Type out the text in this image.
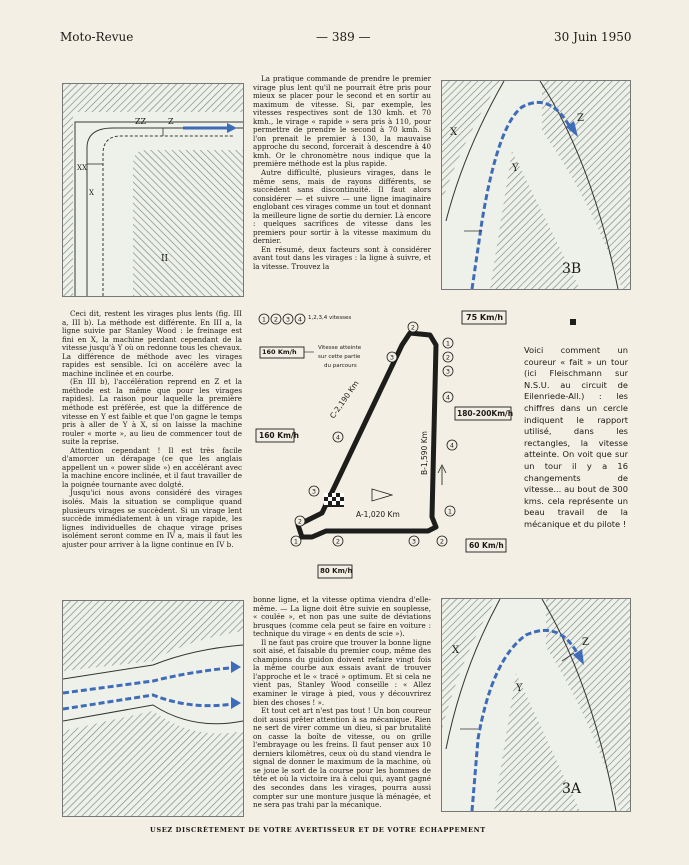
Moto-Revue	— 389 —	30 Juin 1950
ZZ	Z
XX
X
II

La pratique commande de prendre le premier virage plus lent qu'il ne pourrait être pris pour mieux se placer pour le second et en sortir au maximum de vitesse. Si, par exemple, les vitesses respectives sont de 130 kmh. et 70 kmh., le virage « rapide » sera pris à 110, pour permettre de prendre le second à 70 kmh. Si l'on prenait le premier à 130, la mauvaise approche du second, forcerait à descendre à 40 kmh. Or le chronomètre nous indique que la première méthode est la plus rapide.

Autre difficulté, plusieurs virages, dans le même sens, mais de rayons différents, se succèdent sans discontinuité. Il faut alors considérer — et suivre — une ligne imaginaire englobant ces virages comme un tout et donnant la meilleure ligne de sortie du dernier. Là encore : quelques sacrifices de vitesse dans les premiers pour sortir à la vitesse maximum du dernier.

En résumé, deux facteurs sont à considérer avant tout dans les virages : la ligne à suivre, et la vitesse. Trouvez la

X
Y
Z
3B

Ceci dit, restent les virages plus lents (fig. III a, III b). La méthode est différente. En III a, la ligne suivie par Stanley Wood : le freinage est fini en X, la machine perdant cependant de la vitesse jusqu'à Y où on redonne tous les chevaux. La différence de méthode avec les virages rapides est sensible. Ici on accélère avec la machine inclinée et en courbe.

(En III b), l'accélération reprend en Z et la méthode est la même que pour les virages rapides). La raison pour laquelle la première méthode est préférée, est que la différence de vitesse en Y est faible et que l'on gagne le temps pris à aller de Y à X, si on laisse la machine rouler « morte », au lieu de commencer tout de suite la reprise.

Attention cependant ! Il est très facile d'amorcer un dérapage (ce que les anglais appellent un « power slide ») en accélérant avec la machine encore inclinée, et il faut travailler de la poignée tournante avec dolgté.

Jusqu'ici nous avons considéré des virages isolés. Mais la situation se complique quand plusieurs virages se succèdent. Si un virage lent succède immédiatement à un virage rapide, les lignes individuelles de chaque virage prises isolément seront comme en IV a, mais il faut les ajuster pour arriver à la ligne continue en IV b.

1 2 3 4
2
1
2
3
4
3
4
3
2
1	2	3	2
1
4
1,2,3,4 vitesses
160 Km/h	Vitesse atteinte
sur cette partie
du parcours
75 Km/h
160 Km/h
180-200Km/h
60 Km/h
80 Km/h
C-2,190 Km
B-1,590 Km
A-1,020 Km
Voici comment un coureur « fait » un tour (ici Fleischmann sur N.S.U. au circuit de Eilenriede-All.) : les chiffres dans un cercle indiquent le rapport utilisé, dans les rectangles, la vitesse atteinte. On voit que sur un tour il y a 16 changements de vitesse... au bout de 300 kms. cela représente un beau travail de la mécanique et du pilote !

bonne ligne, et la vitesse optima viendra d'elle-même. — La ligne doit être suivie en souplesse, « coulée », et non pas une suite de déviations brusques (comme cela peut se faire en voiture : technique du virage « en dents de scie »).

Il ne faut pas croire que trouver la bonne ligne soit aisé, et faisable du premier coup, même des champions du guidon doivent refaire vingt fois la même courbe aux essais avant de trouver l'approche et le « tracé » optimum. Et si cela ne vient pas, Stanley Wood conseille : « Allez examiner le virage à pied, vous y découvrirez bien des choses ! ».

Et tout cet art n'est pas tout ! Un bon coureur doit aussi prêter attention à sa mécanique. Rien ne sert de virer comme un dieu, si par brutalité on casse la boîte de vitesse, ou on grille l'embrayage ou les freins. Il faut penser aux 10 derniers kilomètres, ceux où du stand viendra le signal de donner le maximum de la machine, où se joue le sort de la course pour les hommes de tête et où la victoire ira à celui qui, ayant gagné des secondes dans les virages, pourra aussi compter sur une monture jusque là ménagée, et ne sera pas trahi par la mécanique.

X
Y
Z
3A
USEZ DISCRÈTEMENT DE VOTRE AVERTISSEUR ET DE VOTRE ÉCHAPPEMENT
